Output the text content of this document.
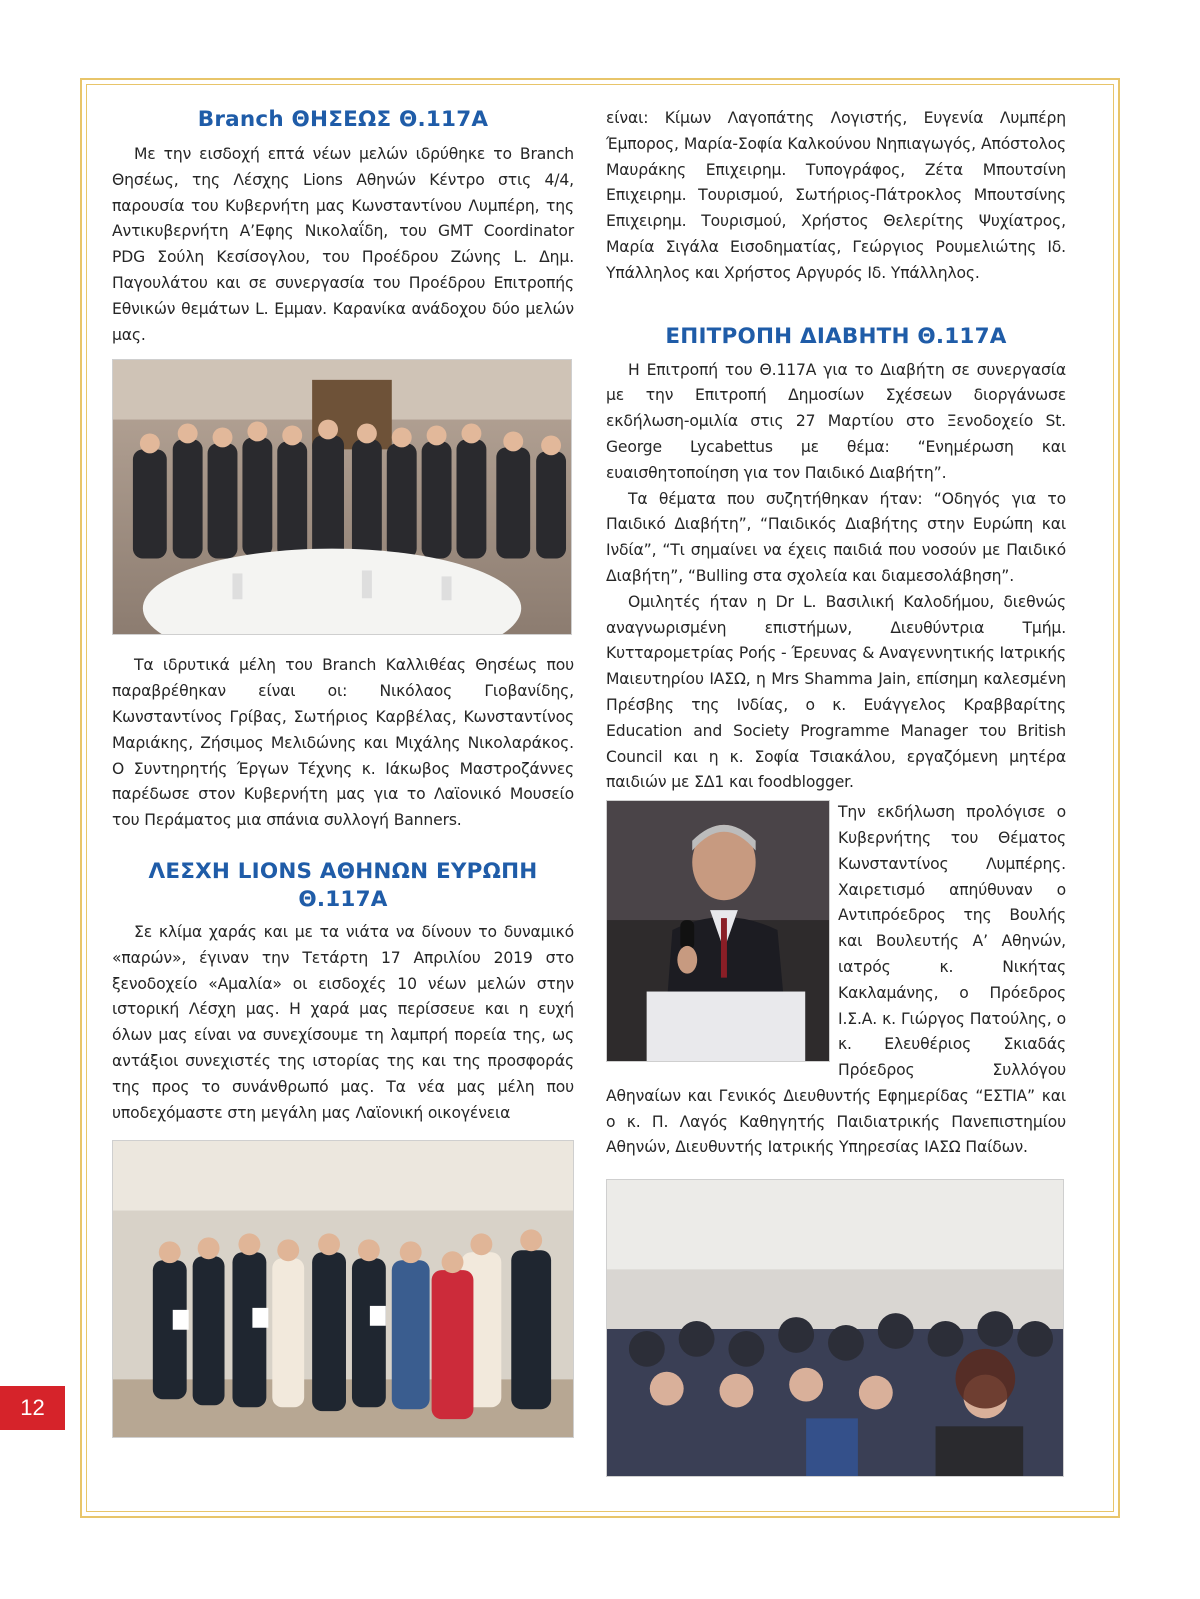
Branch ΘΗΣΕΩΣ Θ.117Α

Με την εισδοχή επτά νέων μελών ιδρύθηκε το Branch Θησέως, της Λέσχης Lions Αθηνών Κέντρο στις 4/4, παρουσία του Κυβερνήτη μας Κωνσταντίνου Λυμπέρη, της Αντικυβερνήτη Α’Εφης Νικολαΐδη, του GMT Coordinator PDG Σούλη Κεσίσογλου, του Προέδρου Ζώνης L. Δημ. Παγουλάτου και σε συνεργασία του Προέδρου Επιτροπής Εθνικών θεμάτων L. Εμμαν. Καρανίκα ανάδοχου δύο μελών μας.

Τα ιδρυτικά μέλη του Branch Καλλιθέας Θησέως που παραβρέθηκαν είναι οι: Νικόλαος Γιοβανίδης, Κωνσταντίνος Γρίβας, Σωτήριος Καρβέλας, Κωνσταντίνος Μαριάκης, Ζήσιμος Μελιδώνης και Μιχάλης Νικολαράκος. Ο Συντηρητής Έργων Τέχνης κ. Ιάκωβος Μαστροζάννες παρέδωσε στον Κυβερνήτη μας για το Λαϊονικό Μουσείο του Περάματος μια σπάνια συλλογή Banners.

ΛΕΣΧΗ LIONS ΑΘΗΝΩΝ ΕΥΡΩΠΗ
Θ.117Α

Σε κλίμα χαράς και με τα νιάτα να δίνουν το δυναμικό «παρών», έγιναν την Τετάρτη 17 Απριλίου 2019 στο ξενοδοχείο «Αμαλία» οι εισδοχές 10 νέων μελών στην ιστορική Λέσχη μας. Η χαρά μας περίσσευε και η ευχή όλων μας είναι να συνεχίσουμε τη λαμπρή πορεία της, ως αντάξιοι συνεχιστές της ιστορίας της και της προσφοράς της προς το συνάνθρωπό μας. Τα νέα μας μέλη που υποδεχόμαστε στη μεγάλη μας Λαϊονική οικογένεια

είναι: Κίμων Λαγοπάτης Λογιστής, Ευγενία Λυμπέρη Έμπορος, Μαρία-Σοφία Καλκούνου Νηπιαγωγός, Απόστολος Μαυράκης Επιχειρημ. Τυπογράφος, Ζέτα Μπουτσίνη Επιχειρημ. Τουρισμού, Σωτήριος-Πάτροκλος Μπουτσίνης Επιχειρημ. Τουρισμού, Χρήστος Θελερίτης Ψυχίατρος, Μαρία Σιγάλα Εισοδηματίας, Γεώργιος Ρουμελιώτης Ιδ. Υπάλληλος και Χρήστος Αργυρός Ιδ. Υπάλληλος.

ΕΠΙΤΡΟΠΗ ΔΙΑΒΗΤΗ Θ.117Α

Η Επιτροπή του Θ.117Α για το Διαβήτη σε συνεργασία με την Επιτροπή Δημοσίων Σχέσεων διοργάνωσε εκδήλωση-ομιλία στις 27 Μαρτίου στο Ξενοδοχείο St. George Lycabettus με θέμα: “Ενημέρωση και ευαισθητοποίηση για τον Παιδικό Διαβήτη”.

Τα θέματα που συζητήθηκαν ήταν: “Οδηγός για το Παιδικό Διαβήτη”, “Παιδικός Διαβήτης στην Ευρώπη και Ινδία”, “Τι σημαίνει να έχεις παιδιά που νοσούν με Παιδικό Διαβήτη”, “Bulling στα σχολεία και διαμεσολάβηση”.

Ομιλητές ήταν η Dr L. Βασιλική Καλοδήμου, διεθνώς αναγνωρισμένη επιστήμων, Διευθύντρια Τμήμ. Κυτταρομετρίας Ροής - Έρευνας & Αναγεννητικής Ιατρικής Μαιευτηρίου ΙΑΣΩ, η Mrs Shamma Jain, επίσημη καλεσμένη Πρέσβης της Ινδίας, ο κ. Ευάγγελος Κραββαρίτης Education and Society Programme Manager του British Council και η κ. Σοφία Τσιακάλου, εργαζόμενη μητέρα παιδιών με ΣΔ1 και foodblogger.

Την εκδήλωση προλόγισε ο Κυβερνήτης του Θέματος Κωνσταντίνος Λυμπέρης. Χαιρετισμό απηύθυναν ο Αντιπρόεδρος της Βουλής και Βουλευτής Α’ Αθηνών, ιατρός κ. Νικήτας Κακλαμάνης, ο Πρόεδρος Ι.Σ.Α. κ. Γιώργος Πατούλης, ο κ. Ελευθέριος Σκιαδάς Πρόεδρος Συλλόγου Αθηναίων και Γενικός Διευθυντής Εφημερίδας “ΕΣΤΙΑ” και ο κ. Π. Λαγός Καθηγητής Παιδιατρικής Πανεπιστημίου Αθηνών, Διευθυντής Ιατρικής Υπηρεσίας ΙΑΣΩ Παίδων.

12
